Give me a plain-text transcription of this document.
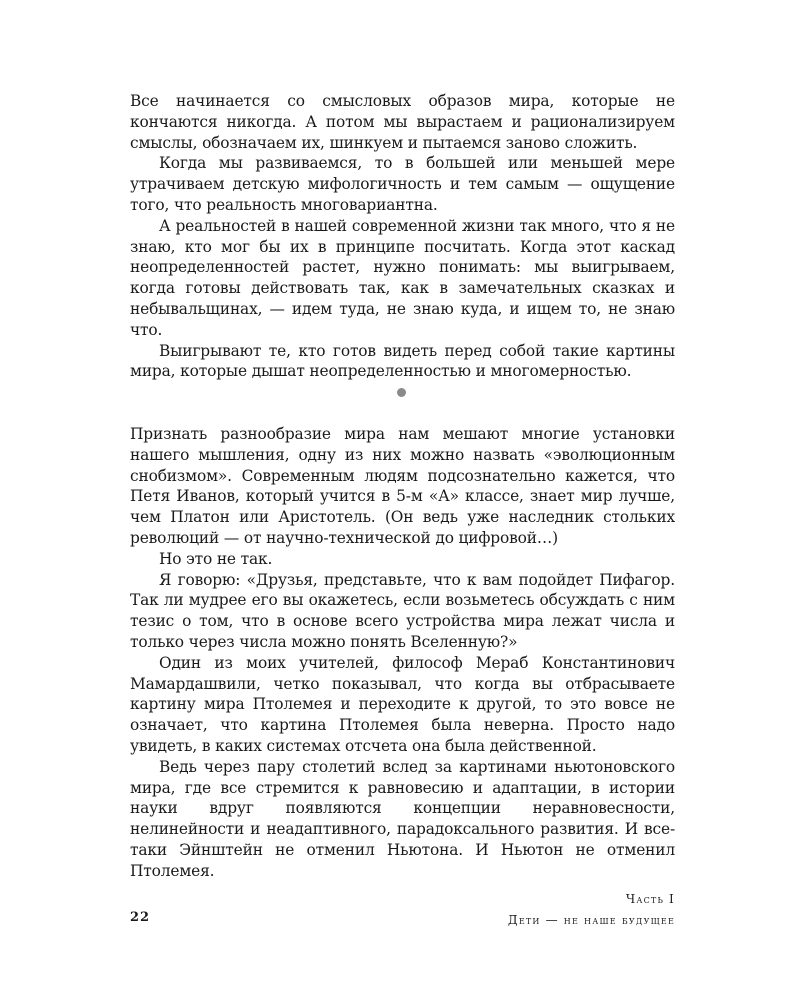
Все начинается со смысловых образов мира, которые не кончаются никогда. А потом мы вырастаем и рационализируем смыслы, обозначаем их, шинкуем и пытаемся заново сложить.

Когда мы развиваемся, то в большей или меньшей мере утрачиваем детскую мифологичность и тем самым — ощущение того, что реальность многовариантна.

А реальностей в нашей современной жизни так много, что я не знаю, кто мог бы их в принципе посчитать. Когда этот каскад неопределенностей растет, нужно понимать: мы выигрываем, когда готовы действовать так, как в замечательных сказках и небывальщинах, — идем туда, не знаю куда, и ищем то, не знаю что.

Выигрывают те, кто готов видеть перед собой такие картины мира, которые дышат неопределенностью и многомерностью.

Признать разнообразие мира нам мешают многие установки нашего мышления, одну из них можно назвать «эволюционным снобизмом». Современным людям подсознательно кажется, что Петя Иванов, который учится в 5-м «А» классе, знает мир лучше, чем Платон или Аристотель. (Он ведь уже наследник стольких революций — от научно-технической до цифровой…)

Но это не так.

Я говорю: «Друзья, представьте, что к вам подойдет Пифагор. Так ли мудрее его вы окажетесь, если возьметесь обсуждать с ним тезис о том, что в основе всего устройства мира лежат числа и только через числа можно понять Вселенную?»

Один из моих учителей, философ Мераб Константинович Мамардашвили, четко показывал, что когда вы отбрасываете картину мира Птолемея и переходите к другой, то это вовсе не означает, что картина Птолемея была неверна. Просто надо увидеть, в каких системах отсчета она была действенной.

Ведь через пару столетий вслед за картинами ньютоновского мира, где все стремится к равновесию и адаптации, в истории науки вдруг появляются концепции неравновесности, нелинейности и неадаптивного, парадоксального развития. И все-таки Эйнштейн не отменил Ньютона. И Ньютон не отменил Птолемея.

22
Часть I
Дети — не наше будущее
